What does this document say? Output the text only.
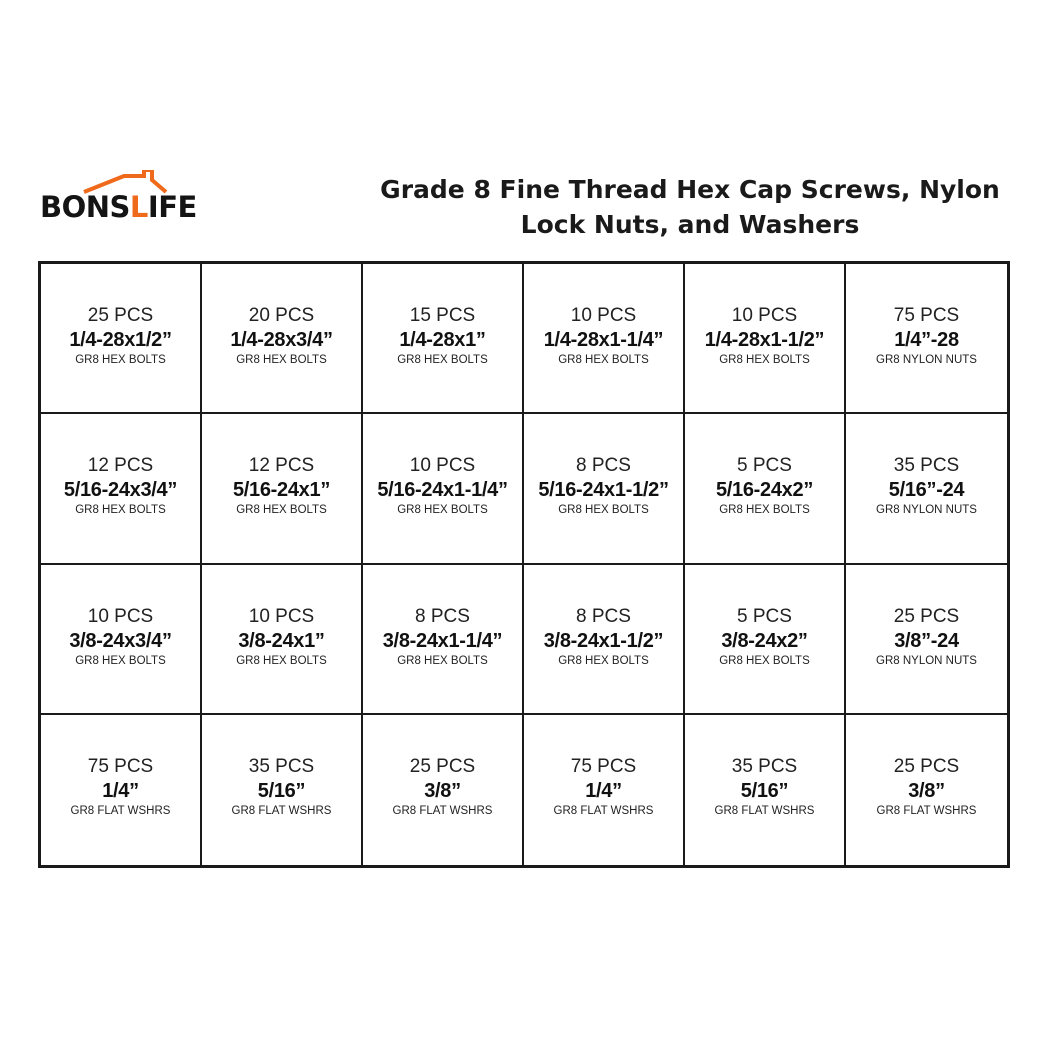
BONSLIFE
Grade 8 Fine Thread Hex Cap Screws, Nylon
Lock Nuts, and Washers
25 PCS
1/4-28x1/2”
GR8 HEX BOLTS
20 PCS
1/4-28x3/4”
GR8 HEX BOLTS
15 PCS
1/4-28x1”
GR8 HEX BOLTS
10 PCS
1/4-28x1-1/4”
GR8 HEX BOLTS
10 PCS
1/4-28x1-1/2”
GR8 HEX BOLTS
75 PCS
1/4”-28
GR8 NYLON NUTS
12 PCS
5/16-24x3/4”
GR8 HEX BOLTS
12 PCS
5/16-24x1”
GR8 HEX BOLTS
10 PCS
5/16-24x1-1/4”
GR8 HEX BOLTS
8 PCS
5/16-24x1-1/2”
GR8 HEX BOLTS
5 PCS
5/16-24x2”
GR8 HEX BOLTS
35 PCS
5/16”-24
GR8 NYLON NUTS
10 PCS
3/8-24x3/4”
GR8 HEX BOLTS
10 PCS
3/8-24x1”
GR8 HEX BOLTS
8 PCS
3/8-24x1-1/4”
GR8 HEX BOLTS
8 PCS
3/8-24x1-1/2”
GR8 HEX BOLTS
5 PCS
3/8-24x2”
GR8 HEX BOLTS
25 PCS
3/8”-24
GR8 NYLON NUTS
75 PCS
1/4”
GR8 FLAT WSHRS
35 PCS
5/16”
GR8 FLAT WSHRS
25 PCS
3/8”
GR8 FLAT WSHRS
75 PCS
1/4”
GR8 FLAT WSHRS
35 PCS
5/16”
GR8 FLAT WSHRS
25 PCS
3/8”
GR8 FLAT WSHRS
